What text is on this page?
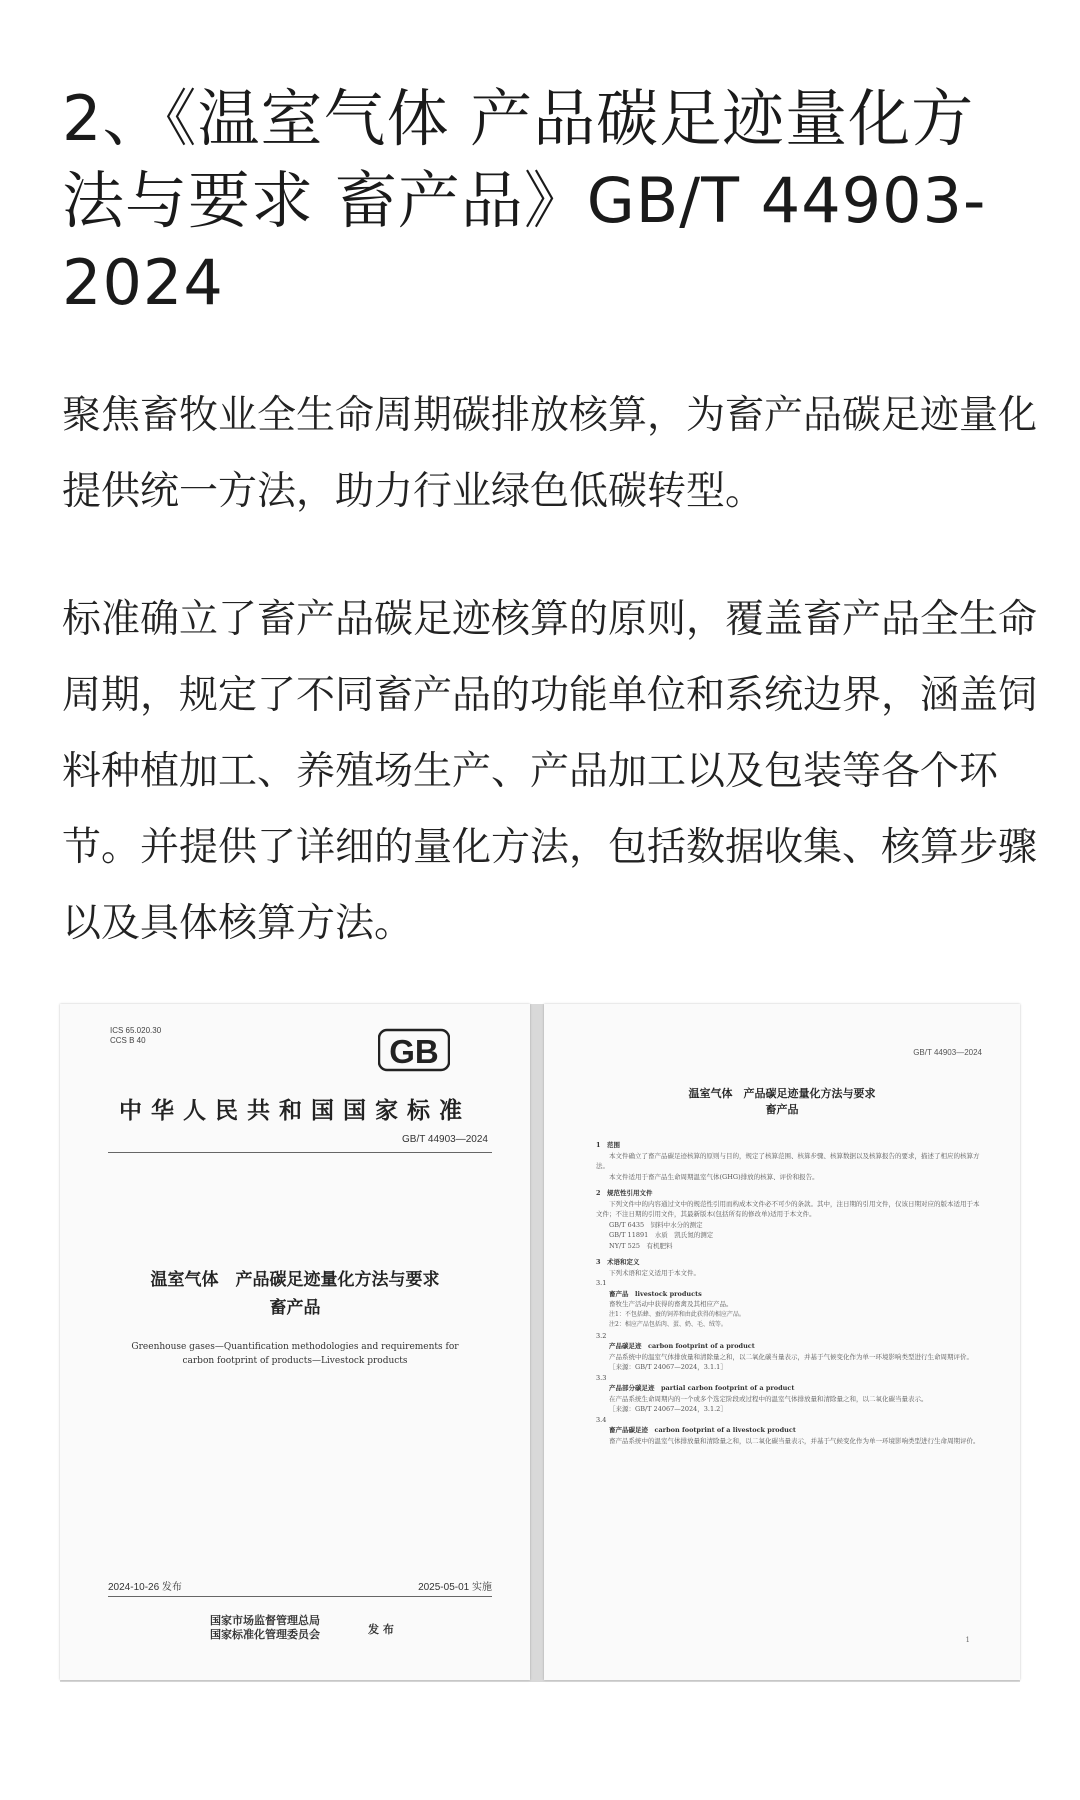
2、《温室气体 产品碳足迹量化方法与要求 畜产品》GB/T 44903-2024

聚焦畜牧业全生命周期碳排放核算，为畜产品碳足迹量化提供统一方法，助力行业绿色低碳转型。

标准确立了畜产品碳足迹核算的原则，覆盖畜产品全生命周期，规定了不同畜产品的功能单位和系统边界，涵盖饲料种植加工、养殖场生产、产品加工以及包装等各个环节。并提供了详细的量化方法，包括数据收集、核算步骤以及具体核算方法。

ICS 65.020.30
CCS B 40	GB
中华人民共和国国家标准
GB/T 44903—2024
温室气体　产品碳足迹量化方法与要求
畜产品
Greenhouse gases—Quantification methodologies and requirements for
carbon footprint of products—Livestock products
2024-10-26 发布	2025-05-01 实施
国家市场监督管理总局
国家标准化管理委员会	发 布
GB/T 44903—2024
温室气体　产品碳足迹量化方法与要求
畜产品
1　范围
本文件确立了畜产品碳足迹核算的原则与目的，规定了核算范围、核算步骤、核算数据以及核算报告的要求，描述了相应的核算方法。
本文件适用于畜产品生命周期温室气体(GHG)排放的核算、评价和报告。
2　规范性引用文件
下列文件中的内容通过文中的规范性引用而构成本文件必不可少的条款。其中，注日期的引用文件，仅该日期对应的版本适用于本文件；不注日期的引用文件，其最新版本(包括所有的修改单)适用于本文件。
GB/T 6435　饲料中水分的测定
GB/T 11891　水质　凯氏氮的测定
NY/T 525　有机肥料
3　术语和定义
下列术语和定义适用于本文件。
3.1
畜产品　livestock products
畜牧生产活动中获得的畜禽及其相应产品。
注1：不包括蜂、蚕的饲养和由此获得的相应产品。
注2：相应产品包括肉、蛋、奶、毛、绒等。
3.2
产品碳足迹　carbon footprint of a product
产品系统中的温室气体排放量和清除量之和，以二氧化碳当量表示，并基于气候变化作为单一环境影响类型进行生命周期评价。
［来源：GB/T 24067—2024，3.1.1］
3.3
产品部分碳足迹　partial carbon footprint of a product
在产品系统生命周期内的一个或多个选定阶段或过程中的温室气体排放量和清除量之和，以二氧化碳当量表示。
［来源：GB/T 24067—2024，3.1.2］
3.4
畜产品碳足迹　carbon footprint of a livestock product
畜产品系统中的温室气体排放量和清除量之和，以二氧化碳当量表示，并基于气候变化作为单一环境影响类型进行生命周期评价。
1
